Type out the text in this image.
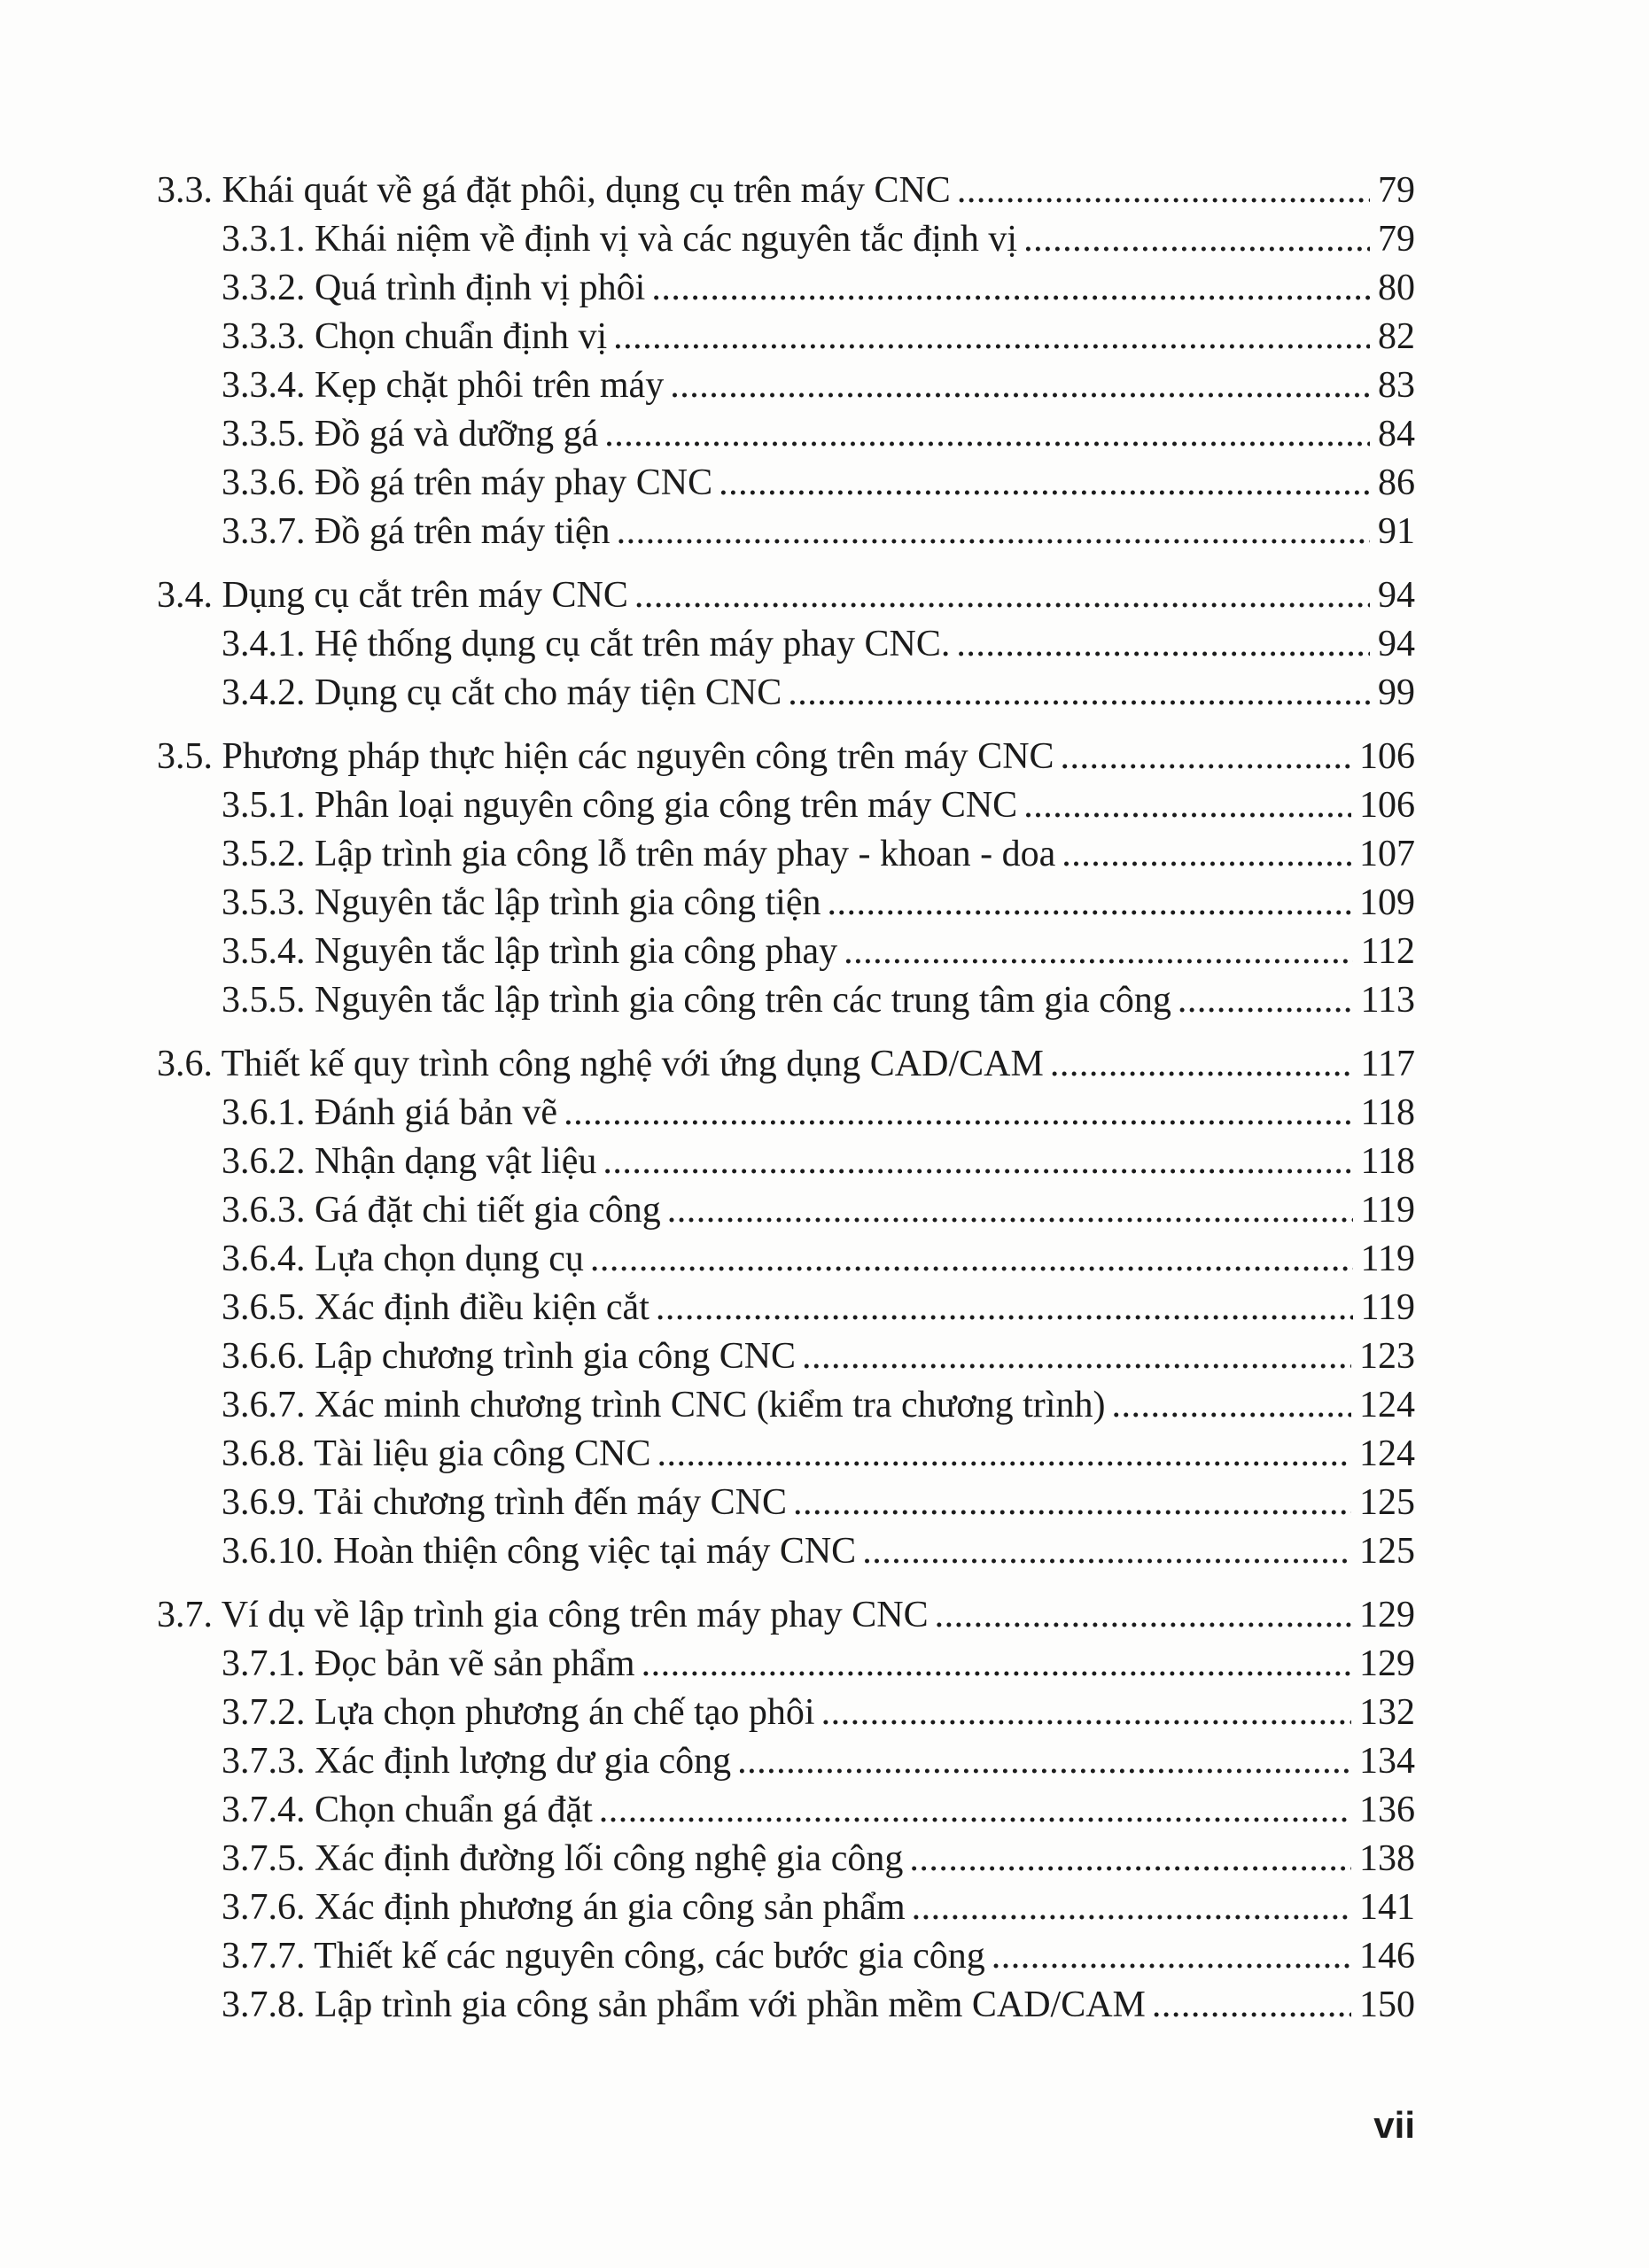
3.3. Khái quát về gá đặt phôi, dụng cụ trên máy CNC .....	79
3.3.1. Khái niệm về định vị và các nguyên tắc định vị .....	79
3.3.2. Quá trình định vị phôi .....	80
3.3.3. Chọn chuẩn định vị .....	82
3.3.4. Kẹp chặt phôi trên máy .....	83
3.3.5. Đồ gá và dưỡng gá .....	84
3.3.6. Đồ gá trên máy phay CNC .....	86
3.3.7. Đồ gá trên máy tiện .....	91
3.4. Dụng cụ cắt trên máy CNC .....	94
3.4.1. Hệ thống dụng cụ cắt trên máy phay CNC. .....	94
3.4.2. Dụng cụ cắt cho máy tiện CNC .....	99
3.5. Phương pháp thực hiện các nguyên công trên máy CNC .....	106
3.5.1. Phân loại nguyên công gia công trên máy CNC .....	106
3.5.2. Lập trình gia công lỗ trên máy phay - khoan - doa .....	107
3.5.3. Nguyên tắc lập trình gia công tiện .....	109
3.5.4. Nguyên tắc lập trình gia công phay .....	112
3.5.5. Nguyên tắc lập trình gia công trên các trung tâm gia công .....	113
3.6. Thiết kế quy trình công nghệ với ứng dụng CAD/CAM .....	117
3.6.1. Đánh giá bản vẽ .....	118
3.6.2. Nhận dạng vật liệu .....	118
3.6.3. Gá đặt chi tiết gia công .....	119
3.6.4. Lựa chọn dụng cụ .....	119
3.6.5. Xác định điều kiện cắt .....	119
3.6.6. Lập chương trình gia công CNC .....	123
3.6.7. Xác minh chương trình CNC (kiểm tra chương trình) .....	124
3.6.8. Tài liệu gia công CNC .....	124
3.6.9. Tải chương trình đến máy CNC .....	125
3.6.10. Hoàn thiện công việc tại máy CNC .....	125
3.7. Ví dụ về lập trình gia công trên máy phay CNC .....	129
3.7.1. Đọc bản vẽ sản phẩm .....	129
3.7.2. Lựa chọn phương án chế tạo phôi .....	132
3.7.3. Xác định lượng dư gia công .....	134
3.7.4. Chọn chuẩn gá đặt .....	136
3.7.5. Xác định đường lối công nghệ gia công .....	138
3.7.6. Xác định phương án gia công sản phẩm .....	141
3.7.7. Thiết kế các nguyên công, các bước gia công .....	146
3.7.8. Lập trình gia công sản phẩm với phần mềm CAD/CAM .....	150
vii
